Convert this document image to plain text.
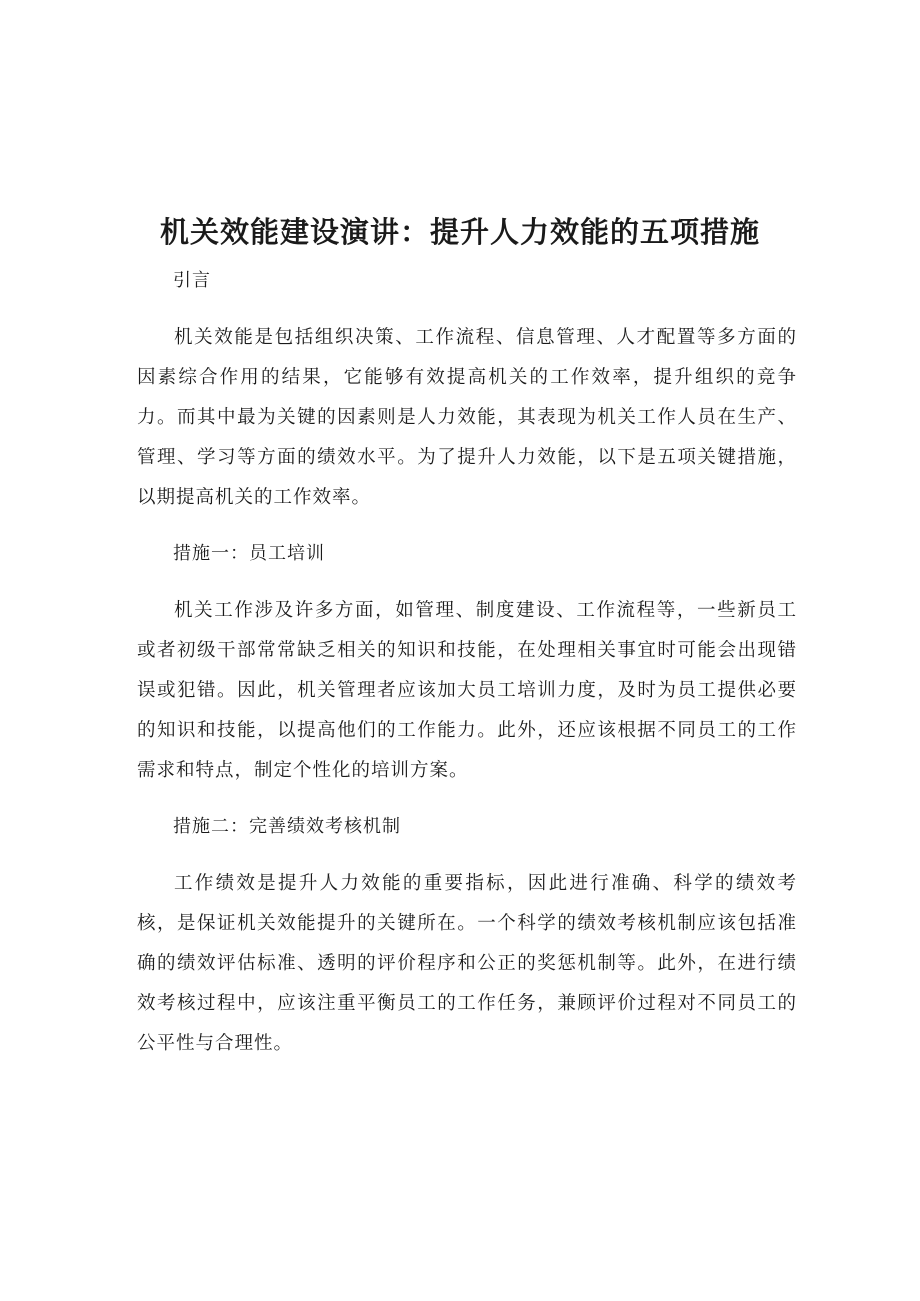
机关效能建设演讲：提升人力效能的五项措施

引言

机关效能是包括组织决策、工作流程、信息管理、人才配置等多方面的因素综合作用的结果，它能够有效提高机关的工作效率，提升组织的竞争力。而其中最为关键的因素则是人力效能，其表现为机关工作人员在生产、管理、学习等方面的绩效水平。为了提升人力效能，以下是五项关键措施，以期提高机关的工作效率。

措施一：员工培训

机关工作涉及许多方面，如管理、制度建设、工作流程等，一些新员工或者初级干部常常缺乏相关的知识和技能，在处理相关事宜时可能会出现错误或犯错。因此，机关管理者应该加大员工培训力度，及时为员工提供必要的知识和技能，以提高他们的工作能力。此外，还应该根据不同员工的工作需求和特点，制定个性化的培训方案。

措施二：完善绩效考核机制

工作绩效是提升人力效能的重要指标，因此进行准确、科学的绩效考核，是保证机关效能提升的关键所在。一个科学的绩效考核机制应该包括准确的绩效评估标准、透明的评价程序和公正的奖惩机制等。此外，在进行绩效考核过程中，应该注重平衡员工的工作任务，兼顾评价过程对不同员工的公平性与合理性。
